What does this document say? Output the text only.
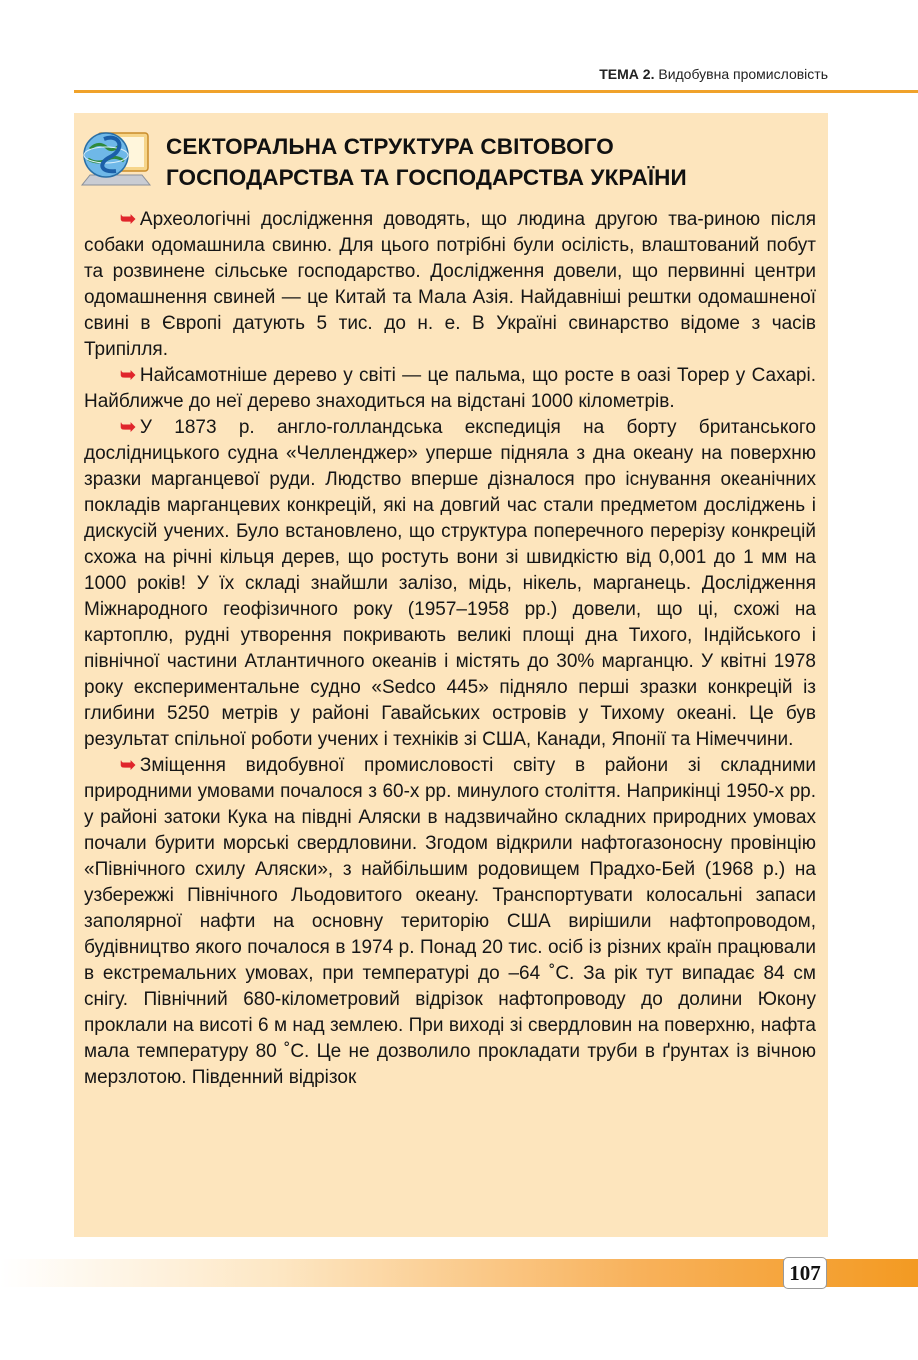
ТЕМА 2. Видобувна промисловість
СЕКТОРАЛЬНА СТРУКТУРА СВІТОВОГО
ГОСПОДАРСТВА ТА ГОСПОДАРСТВА УКРАЇНИ

➥ Археологічні дослідження доводять, що людина другою тва-риною після собаки одомашнила свиню. Для цього потрібні були осілість, влаштований побут та розвинене сільське господарство. Дослідження довели, що первинні центри одомашнення свиней — це Китай та Мала Азія. Найдавніші рештки одомашненої свині в Європі датують 5 тис. до н. е. В Україні свинарство відоме з часів Трипілля.

➥ Найсамотніше дерево у світі — це пальма, що росте в оазі Торер у Сахарі. Найближче до неї дерево знаходиться на відстані 1000 кілометрів.

➥ У 1873 р. англо-голландська експедиція на борту британського дослідницького судна «Челленджер» уперше підняла з дна океану на поверхню зразки марганцевої руди. Людство вперше дізналося про існування океанічних покладів марганцевих конкрецій, які на довгий час стали предметом досліджень і дискусій учених. Було встановлено, що структура поперечного перерізу конкрецій схожа на річні кільця дерев, що ростуть вони зі швидкістю від 0,001 до 1 мм на 1000 років! У їх складі знайшли залізо, мідь, нікель, марганець. Дослідження Міжнародного геофізичного року (1957–1958 рр.) довели, що ці, схожі на картоплю, рудні утворення покривають великі площі дна Тихого, Індійського і північної частини Атлантичного океанів і містять до 30% марганцю. У квітні 1978 року експериментальне судно «Sedco 445» підняло перші зразки конкрецій із глибини 5250 метрів у районі Гавайських островів у Тихому океані. Це був результат спільної роботи учених і техніків зі США, Канади, Японії та Німеччини.

➥ Зміщення видобувної промисловості світу в райони зі складними природними умовами почалося з 60-х рр. минулого століття. Наприкінці 1950-х рр. у районі затоки Кука на півдні Аляски в надзвичайно складних природних умовах почали бурити морські свердловини. Згодом відкрили нафтогазоносну провінцію «Північного схилу Аляски», з найбільшим родовищем Прадхо-Бей (1968 р.) на узбережжі Північного Льодовитого океану. Транспортувати колосальні запаси заполярної нафти на основну територію США вирішили нафтопроводом, будівництво якого почалося в 1974 р. Понад 20 тис. осіб із різних країн працювали в екстремальних умовах, при температурі до –64 ˚С. За рік тут випадає 84 см снігу. Північний 680-кілометровий відрізок нафтопроводу до долини Юкону проклали на висоті 6 м над землею. При виході зі свердловин на поверхню, нафта мала температуру 80 ˚С. Це не дозволило прокладати труби в ґрунтах із вічною мерзлотою. Південний відрізок

107
